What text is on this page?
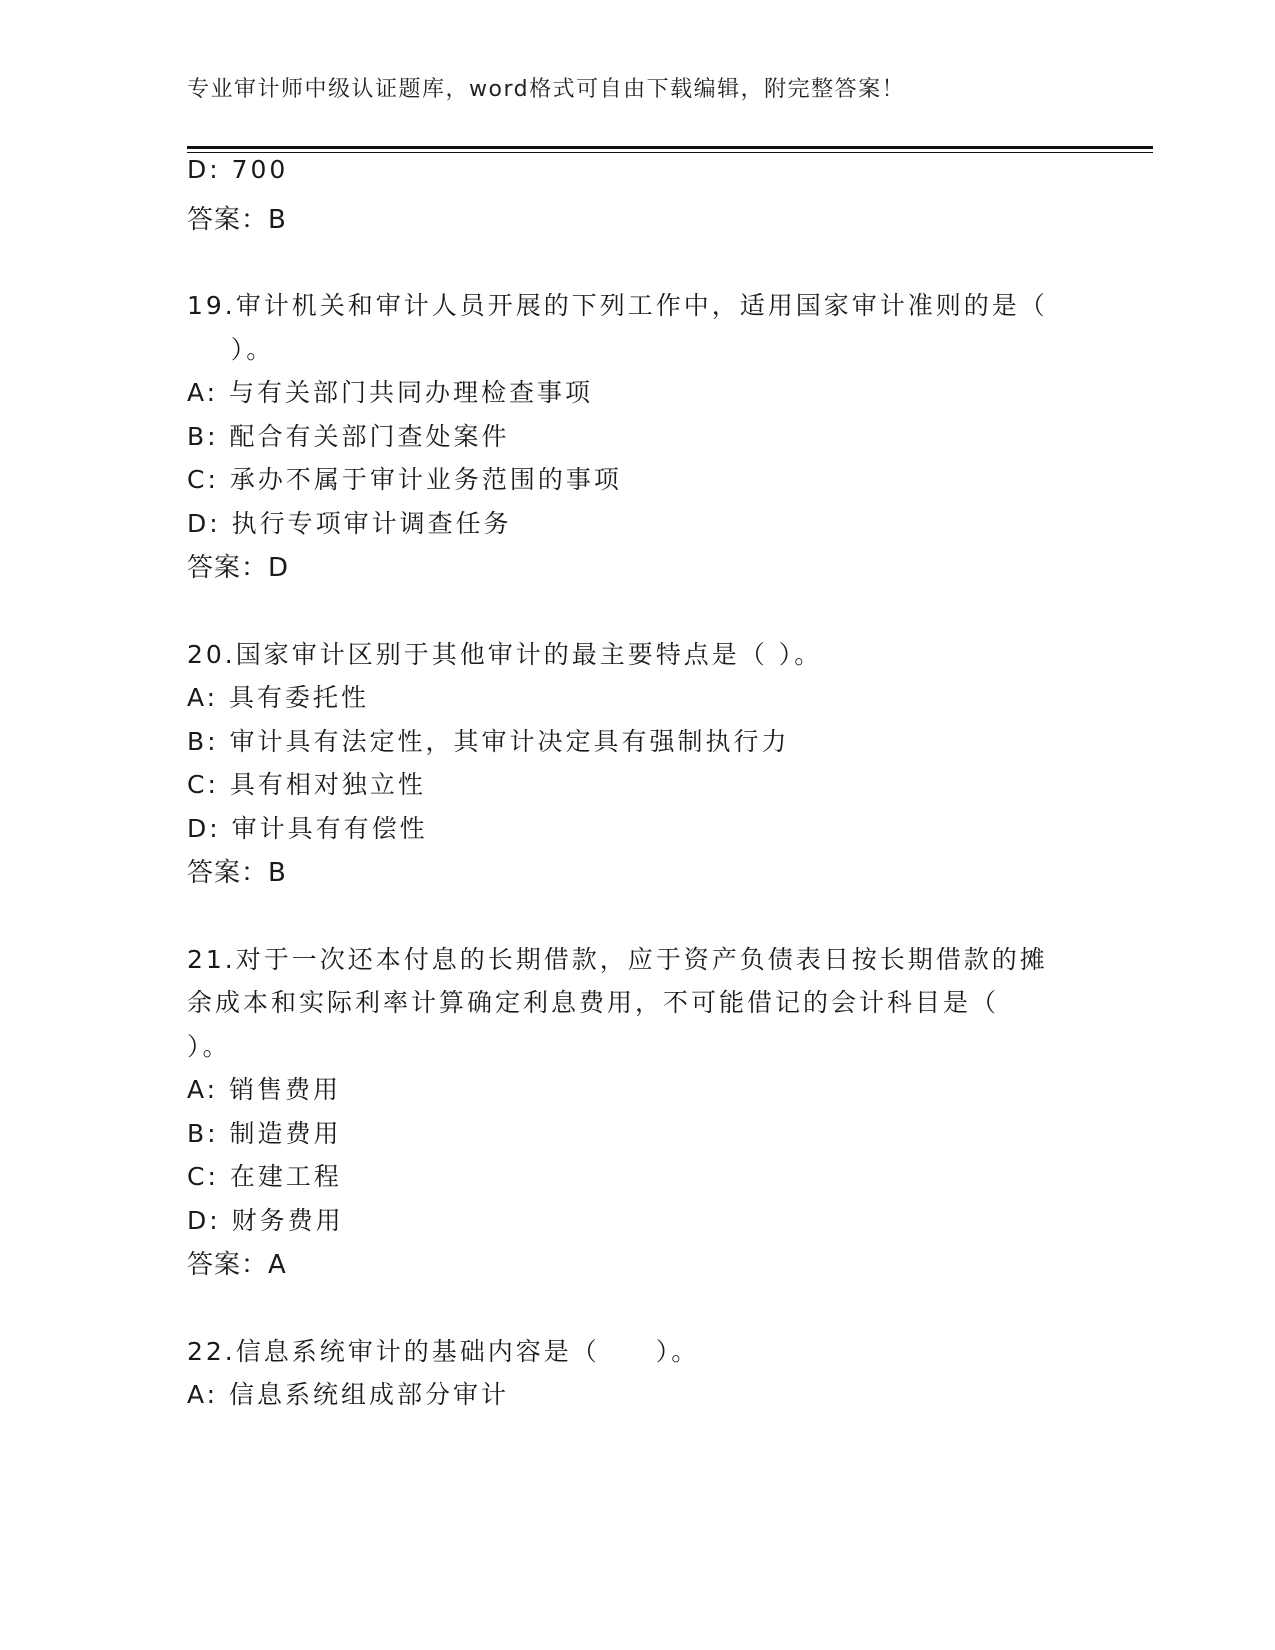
专业审计师中级认证题库，word格式可自由下载编辑，附完整答案！
D: 700
答案：B
19.审计机关和审计人员开展的下列工作中，适用国家审计准则的是（
）。
A: 与有关部门共同办理检查事项
B: 配合有关部门查处案件
C: 承办不属于审计业务范围的事项
D: 执行专项审计调查任务
答案：D
20.国家审计区别于其他审计的最主要特点是（ ）。
A: 具有委托性
B: 审计具有法定性，其审计决定具有强制执行力
C: 具有相对独立性
D: 审计具有有偿性
答案：B
21.对于一次还本付息的长期借款，应于资产负债表日按长期借款的摊
余成本和实际利率计算确定利息费用，不可能借记的会计科目是（
）。
A: 销售费用
B: 制造费用
C: 在建工程
D: 财务费用
答案：A
22.信息系统审计的基础内容是（　　）。
A: 信息系统组成部分审计
